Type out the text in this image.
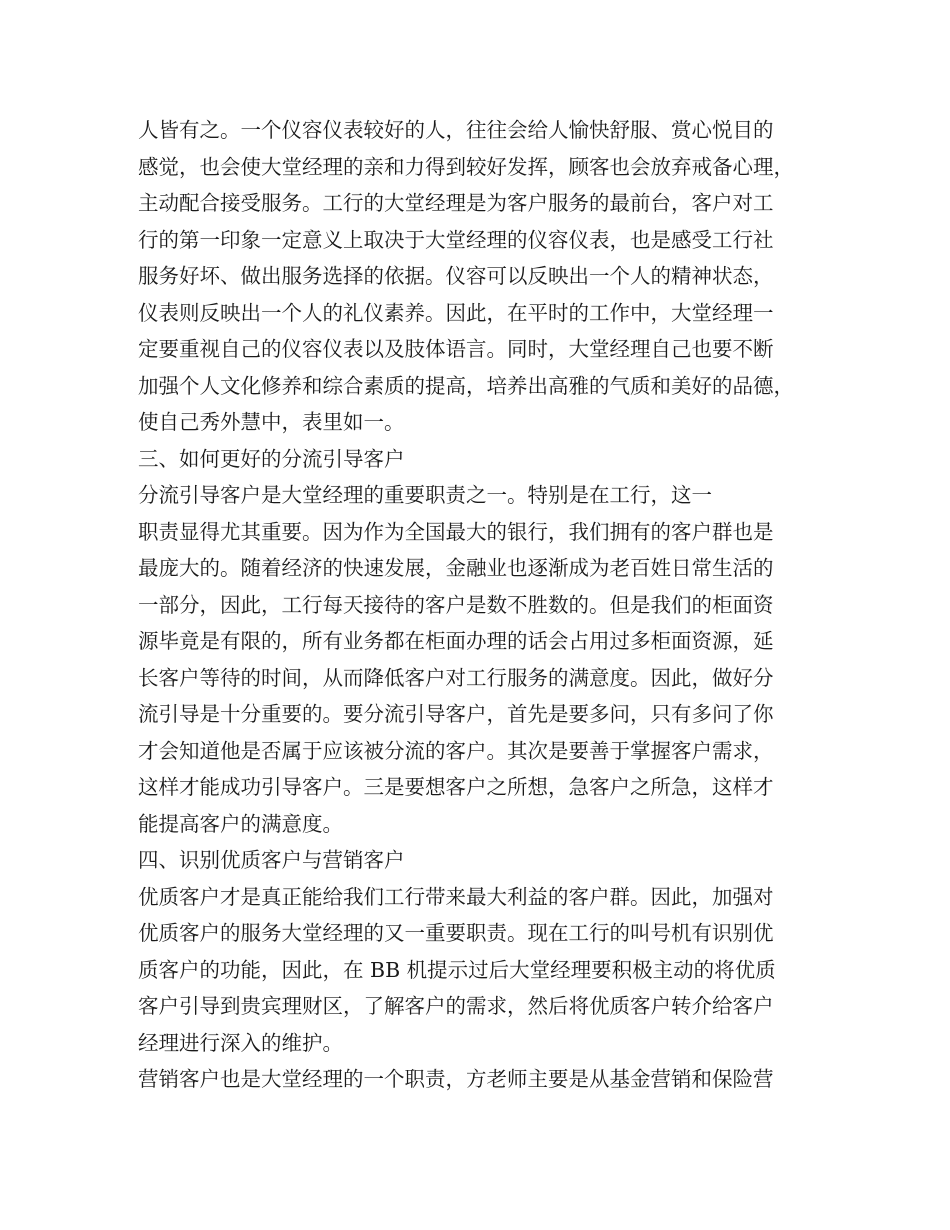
人皆有之。一个仪容仪表较好的人，往往会给人愉快舒服、赏心悦目的
感觉，也会使大堂经理的亲和力得到较好发挥，顾客也会放弃戒备心理，
主动配合接受服务。工行的大堂经理是为客户服务的最前台，客户对工
行的第一印象一定意义上取决于大堂经理的仪容仪表，也是感受工行社
服务好坏、做出服务选择的依据。仪容可以反映出一个人的精神状态，
仪表则反映出一个人的礼仪素养。因此，在平时的工作中，大堂经理一
定要重视自己的仪容仪表以及肢体语言。同时，大堂经理自己也要不断
加强个人文化修养和综合素质的提高，培养出高雅的气质和美好的品德，
使自己秀外慧中，表里如一。
三、如何更好的分流引导客户
分流引导客户是大堂经理的重要职责之一。特别是在工行，这一
职责显得尤其重要。因为作为全国最大的银行，我们拥有的客户群也是
最庞大的。随着经济的快速发展，金融业也逐渐成为老百姓日常生活的
一部分，因此，工行每天接待的客户是数不胜数的。但是我们的柜面资
源毕竟是有限的，所有业务都在柜面办理的话会占用过多柜面资源，延
长客户等待的时间，从而降低客户对工行服务的满意度。因此，做好分
流引导是十分重要的。要分流引导客户，首先是要多问，只有多问了你
才会知道他是否属于应该被分流的客户。其次是要善于掌握客户需求，
这样才能成功引导客户。三是要想客户之所想，急客户之所急，这样才
能提高客户的满意度。
四、识别优质客户与营销客户
优质客户才是真正能给我们工行带来最大利益的客户群。因此，加强对
优质客户的服务大堂经理的又一重要职责。现在工行的叫号机有识别优
质客户的功能，因此，在 BB 机提示过后大堂经理要积极主动的将优质
客户引导到贵宾理财区，了解客户的需求，然后将优质客户转介给客户
经理进行深入的维护。
营销客户也是大堂经理的一个职责，方老师主要是从基金营销和保险营
